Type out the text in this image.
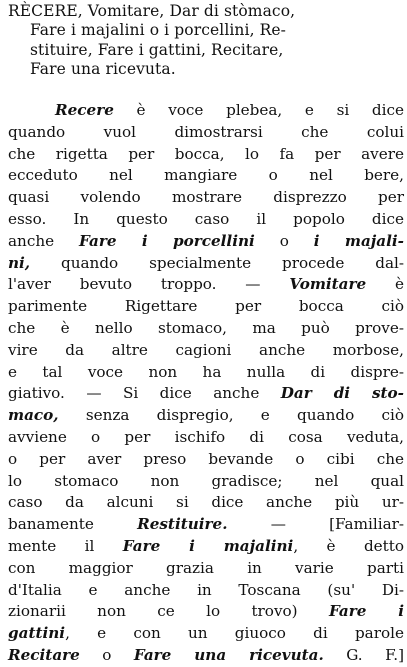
RÈCERE, Vomitare, Dar di stòmaco,
Fare i majalini o i porcellini, Re-
stituire, Fare i gattini, Recitare,
Fare una ricevuta.
Recere è voce plebea, e si dice
quando vuol dimostrarsi che colui
che rigetta per bocca, lo fa per avere
ecceduto nel mangiare o nel bere,
quasi volendo mostrare disprezzo per
esso. In questo caso il popolo dice
anche Fare i porcellini o i majali-
ni, quando specialmente procede dal-
l'aver bevuto troppo. — Vomitare è
parimente Rigettare per bocca ciò
che è nello stomaco, ma può prove-
vire da altre cagioni anche morbose,
e tal voce non ha nulla di dispre-
giativo. — Si dice anche Dar di sto-
maco, senza dispregio, e quando ciò
avviene o per ischifo di cosa veduta,
o per aver preso bevande o cibi che
lo stomaco non gradisce; nel qual
caso da alcuni si dice anche più ur-
banamente Restituire. — [Familiar-
mente il Fare i majalini, è detto
con maggior grazia in varie parti
d'Italia e anche in Toscana (su' Di-
zionarii non ce lo trovo) Fare i
gattini, e con un giuoco di parole
Recitare o Fare una ricevuta. G. F.]
